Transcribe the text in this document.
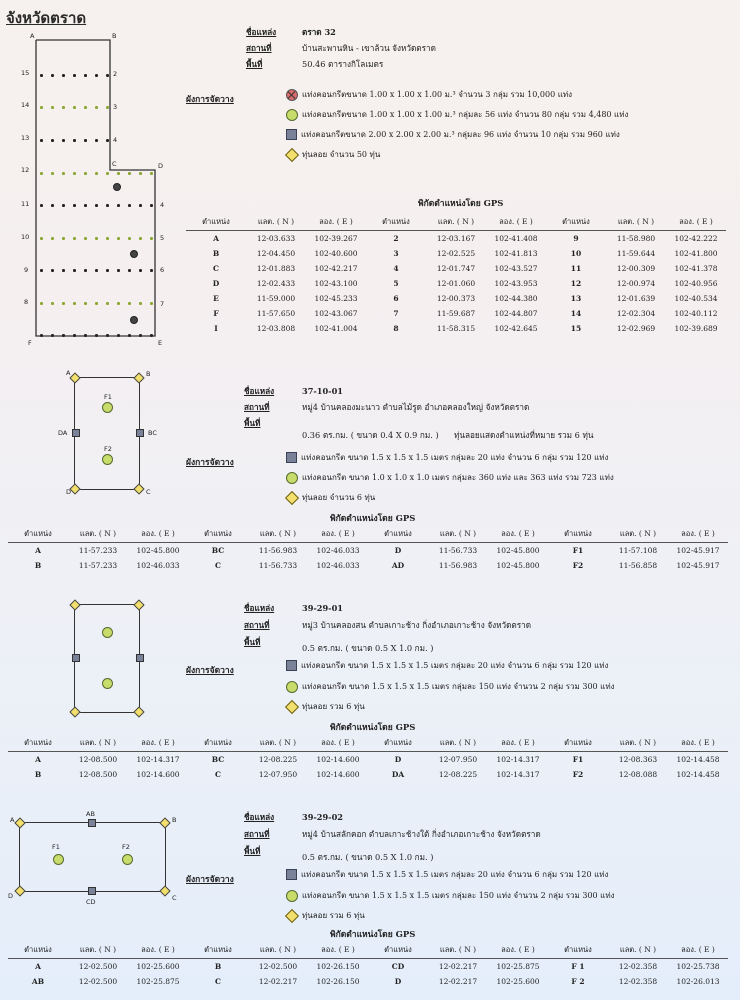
จังหวัดตราด
A	B
C	D
E
F
2
3
4
4
5
6
7
8
9
10
11
12
13
14
15
ชื่อแหล่ง	ตราด 32
สถานที่	บ้านสะพานหิน - เขาล้วน จังหวัดตราด
พื้นที่	50.46 ตารางกิโลเมตร
ผังการจัดวาง
แท่งคอนกรีตขนาด 1.00 x 1.00 x 1.00 ม.³ จำนวน 3 กลุ่ม รวม 10,000 แท่ง
แท่งคอนกรีตขนาด 1.00 x 1.00 x 1.00 ม.³ กลุ่มละ 56 แท่ง จำนวน 80 กลุ่ม รวม 4,480 แท่ง
แท่งคอนกรีตขนาด 2.00 x 2.00 x 2.00 ม.³ กลุ่มละ 96 แท่ง จำนวน 10 กลุ่ม รวม 960 แท่ง
ทุ่นลอย จำนวน 50 ทุ่น
พิกัดตำแหน่งโดย GPS
ตำแหน่ง	แลต. ( N )	ลอง. ( E )	ตำแหน่ง	แลต. ( N )	ลอง. ( E )	ตำแหน่ง	แลต. ( N )	ลอง. ( E )
A	12-03.633	102-39.267	2	12-03.167	102-41.408	9	11-58.980	102-42.222
B	12-04.450	102-40.600	3	12-02.525	102-41.813	10	11-59.644	102-41.800
C	12-01.883	102-42.217	4	12-01.747	102-43.527	11	12-00.309	102-41.378
D	12-02.433	102-43.100	5	12-01.060	102-43.953	12	12-00.974	102-40.956
E	11-59.000	102-45.233	6	12-00.373	102-44.380	13	12-01.639	102-40.534
F	11-57.650	102-43.067	7	11-59.687	102-44.807	14	12-02.304	102-40.112
I	12-03.808	102-41.004	8	11-58.315	102-42.645	15	12-02.969	102-39.689
A	B
C
D
DA	BC
F1
F2
ชื่อแหล่ง	37-10-01
สถานที่	หมู่4 บ้านคลองมะนาว ตำบลไม้รูด อำเภอคลองใหญ่ จังหวัดตราด
พื้นที่
0.36 ตร.กม. ( ขนาด 0.4 X 0.9 กม. ) ทุ่นลอยแสดงตำแหน่งที่หมาย รวม 6 ทุ่น
ผังการจัดวาง
แท่งคอนกรีต ขนาด 1.5 x 1.5 x 1.5 เมตร กลุ่มละ 20 แท่ง จำนวน 6 กลุ่ม รวม 120 แท่ง
แท่งคอนกรีต ขนาด 1.0 x 1.0 x 1.0 เมตร กลุ่มละ 360 แท่ง และ 363 แท่ง รวม 723 แท่ง
ทุ่นลอย จำนวน 6 ทุ่น
พิกัดตำแหน่งโดย GPS
ตำแหน่ง	แลต. ( N )	ลอง. ( E )	ตำแหน่ง	แลต. ( N )	ลอง. ( E )	ตำแหน่ง	แลต. ( N )	ลอง. ( E )	ตำแหน่ง	แลต. ( N )	ลอง. ( E )
A	11-57.233	102-45.800	BC	11-56.983	102-46.033	D	11-56.733	102-45.800	F1	11-57.108	102-45.917
B	11-57.233	102-46.033	C	11-56.733	102-46.033	AD	11-56.983	102-45.800	F2	11-56.858	102-45.917
ชื่อแหล่ง	39-29-01
สถานที่	หมู่3 บ้านคลองสน ตำบลเกาะช้าง กิ่งอำเภอเกาะช้าง จังหวัดตราด
พื้นที่
0.5 ตร.กม. ( ขนาด 0.5 X 1.0 กม. )
ผังการจัดวาง
แท่งคอนกรีต ขนาด 1.5 x 1.5 x 1.5 เมตร กลุ่มละ 20 แท่ง จำนวน 6 กลุ่ม รวม 120 แท่ง
แท่งคอนกรีต ขนาด 1.5 x 1.5 x 1.5 เมตร กลุ่มละ 150 แท่ง จำนวน 2 กลุ่ม รวม 300 แท่ง
ทุ่นลอย รวม 6 ทุ่น
พิกัดตำแหน่งโดย GPS
ตำแหน่ง	แลต. ( N )	ลอง. ( E )	ตำแหน่ง	แลต. ( N )	ลอง. ( E )	ตำแหน่ง	แลต. ( N )	ลอง. ( E )	ตำแหน่ง	แลต. ( N )	ลอง. ( E )
A	12-08.500	102-14.317	BC	12-08.225	102-14.600	D	12-07.950	102-14.317	F1	12-08.363	102-14.458
B	12-08.500	102-14.600	C	12-07.950	102-14.600	DA	12-08.225	102-14.317	F2	12-08.088	102-14.458
A	B
C
D
AB
CD
F1	F2
ชื่อแหล่ง	39-29-02
สถานที่	หมู่4 บ้านสลักคอก ตำบลเกาะช้างใต้ กิ่งอำเภอเกาะช้าง จังหวัดตราด
พื้นที่
0.5 ตร.กม. ( ขนาด 0.5 X 1.0 กม. )
ผังการจัดวาง
แท่งคอนกรีต ขนาด 1.5 x 1.5 x 1.5 เมตร กลุ่มละ 20 แท่ง จำนวน 6 กลุ่ม รวม 120 แท่ง
แท่งคอนกรีต ขนาด 1.5 x 1.5 x 1.5 เมตร กลุ่มละ 150 แท่ง จำนวน 2 กลุ่ม รวม 300 แท่ง
ทุ่นลอย รวม 6 ทุ่น
พิกัดตำแหน่งโดย GPS
ตำแหน่ง	แลต. ( N )	ลอง. ( E )	ตำแหน่ง	แลต. ( N )	ลอง. ( E )	ตำแหน่ง	แลต. ( N )	ลอง. ( E )	ตำแหน่ง	แลต. ( N )	ลอง. ( E )
A	12-02.500	102-25.600	B	12-02.500	102-26.150	CD	12-02.217	102-25.875	F 1	12-02.358	102-25.738
AB	12-02.500	102-25.875	C	12-02.217	102-26.150	D	12-02.217	102-25.600	F 2	12-02.358	102-26.013
